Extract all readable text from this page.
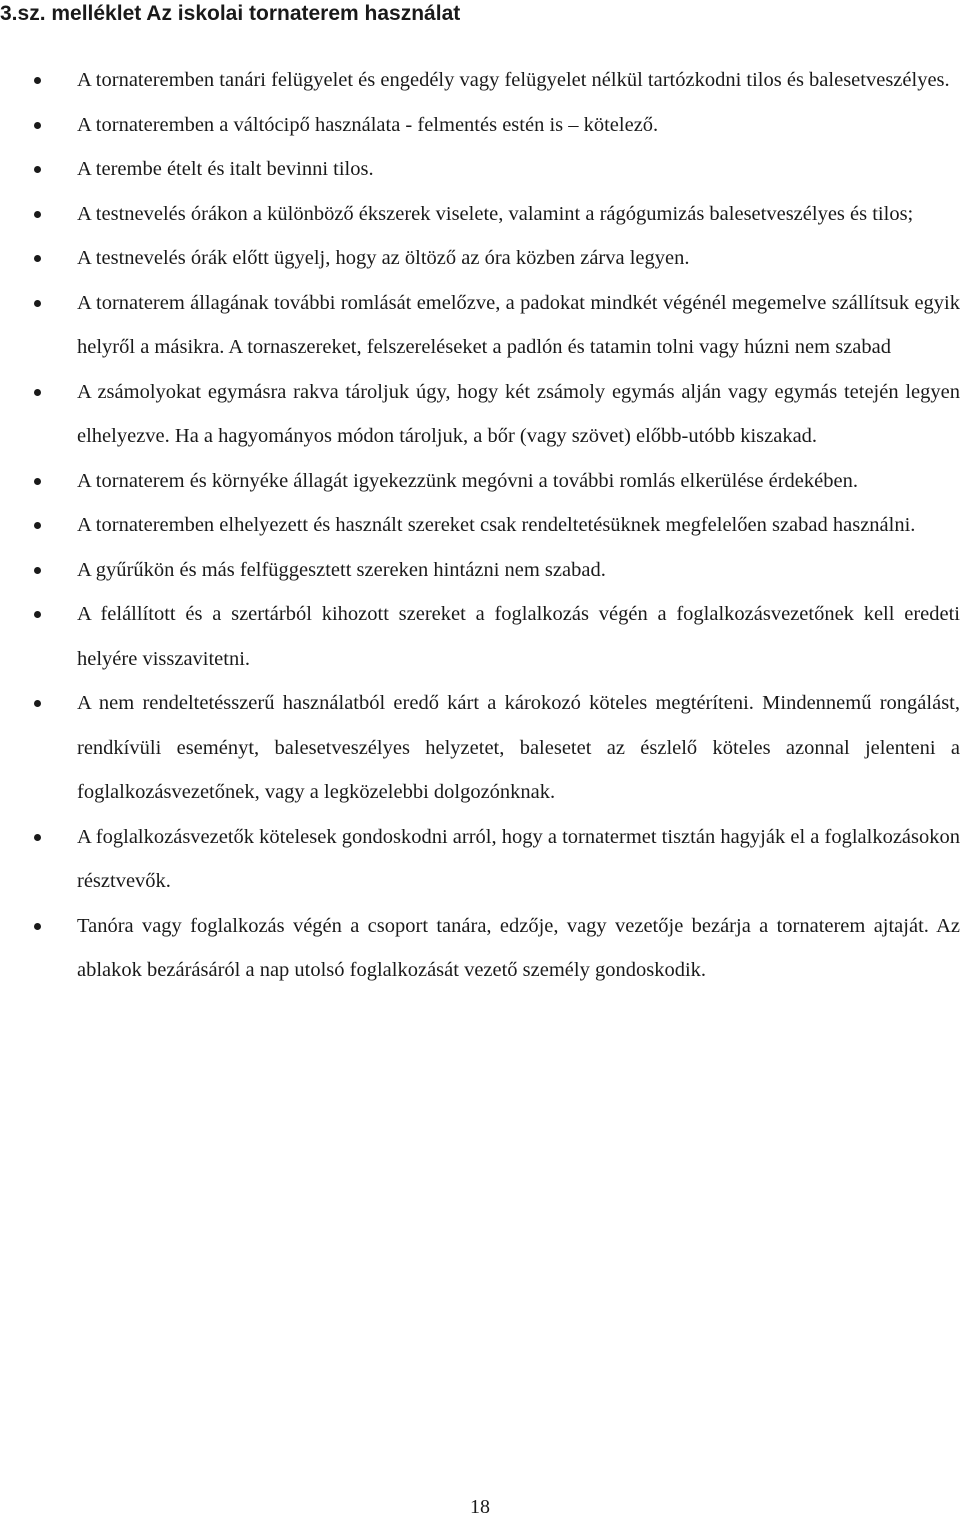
3.sz. melléklet Az iskolai tornaterem használat
A tornateremben tanári felügyelet és engedély vagy felügyelet nélkül tartózkodni tilos és balesetveszélyes.
A tornateremben a váltócipő használata - felmentés estén is – kötelező.
A terembe ételt és italt bevinni tilos.
A testnevelés órákon a különböző ékszerek viselete, valamint a rágógumizás balesetveszélyes és tilos;
A testnevelés órák előtt ügyelj, hogy az öltöző az óra közben zárva legyen.
A tornaterem állagának további romlását emelőzve, a padokat mindkét végénél megemelve szállítsuk egyik helyről a másikra. A tornaszereket, felszereléseket a padlón és tatamin tolni vagy húzni nem szabad
A zsámolyokat egymásra rakva tároljuk úgy, hogy két zsámoly egymás alján vagy egymás tetején legyen elhelyezve. Ha a hagyományos módon tároljuk, a bőr (vagy szövet) előbb-utóbb kiszakad.
A tornaterem és környéke állagát igyekezzünk megóvni a további romlás elkerülése érdekében.
A tornateremben elhelyezett és használt szereket csak rendeltetésüknek megfelelően szabad használni.
A gyűrűkön és más felfüggesztett szereken hintázni nem szabad.
A felállított és a szertárból kihozott szereket a foglalkozás végén a foglalkozásvezetőnek kell eredeti helyére visszavitetni.
A nem rendeltetésszerű használatból eredő kárt a károkozó köteles megtéríteni. Mindennemű rongálást, rendkívüli eseményt, balesetveszélyes helyzetet, balesetet az észlelő köteles azonnal jelenteni a foglalkozásvezetőnek, vagy a legközelebbi dolgozónknak.
A foglalkozásvezetők kötelesek gondoskodni arról, hogy a tornatermet tisztán hagyják el a foglalkozásokon résztvevők.
Tanóra vagy foglalkozás végén a csoport tanára, edzője, vagy vezetője bezárja a tornaterem ajtaját. Az ablakok bezárásáról a nap utolsó foglalkozását vezető személy gondoskodik.
18
